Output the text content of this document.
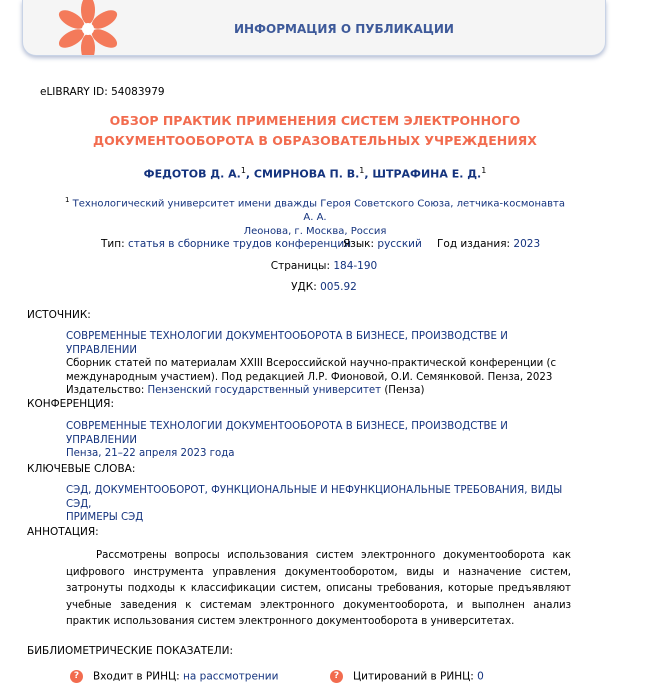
ИНФОРМАЦИЯ О ПУБЛИКАЦИИ
eLIBRARY ID: 54083979
ОБЗОР ПРАКТИК ПРИМЕНЕНИЯ СИСТЕМ ЭЛЕКТРОННОГО
ДОКУМЕНТООБОРОТА В ОБРАЗОВАТЕЛЬНЫХ УЧРЕЖДЕНИЯХ
ФЕДОТОВ Д. А.$^1$, СМИРНОВА П. В.$^1$, ШТРАФИНА Е. Д.$^1$
$^1$ Технологический университет имени дважды Героя Советского Союза, летчика-космонавта А. А.
Леонова, г. Москва, Россия
Тип: статья в сборнике трудов конференции
Язык: русский Год издания: 2023
Страницы: 184-190
УДК: 005.92
ИСТОЧНИК:
СОВРЕМЕННЫЕ ТЕХНОЛОГИИ ДОКУМЕНТООБОРОТА В БИЗНЕСЕ, ПРОИЗВОДСТВЕ И УПРАВЛЕНИИ
Сборник статей по материалам XXIII Всероссийской научно-практической конференции (с международным участием). Под редакцией Л.Р. Фионовой, О.И. Семянковой. Пенза, 2023
Издательство: Пензенский государственный университет (Пенза)
КОНФЕРЕНЦИЯ:
СОВРЕМЕННЫЕ ТЕХНОЛОГИИ ДОКУМЕНТООБОРОТА В БИЗНЕСЕ, ПРОИЗВОДСТВЕ И УПРАВЛЕНИИ
Пенза, 21–22 апреля 2023 года
КЛЮЧЕВЫЕ СЛОВА:
СЭД, ДОКУМЕНТООБОРОТ, ФУНКЦИОНАЛЬНЫЕ И НЕФУНКЦИОНАЛЬНЫЕ ТРЕБОВАНИЯ, ВИДЫ СЭД,
ПРИМЕРЫ СЭД
АННОТАЦИЯ:
Рассмотрены вопросы использования систем электронного документооборота как цифрового инструмента управления документооборотом, виды и назначение систем, затронуты подходы к классификации систем, описаны требования, которые предъявляют учебные заведения к системам электронного документооборота, и выполнен анализ практик использования систем электронного документооборота в университетах.
БИБЛИОМЕТРИЧЕСКИЕ ПОКАЗАТЕЛИ:
? Входит в РИНЦ: на рассмотрении	? Цитирований в РИНЦ: 0
